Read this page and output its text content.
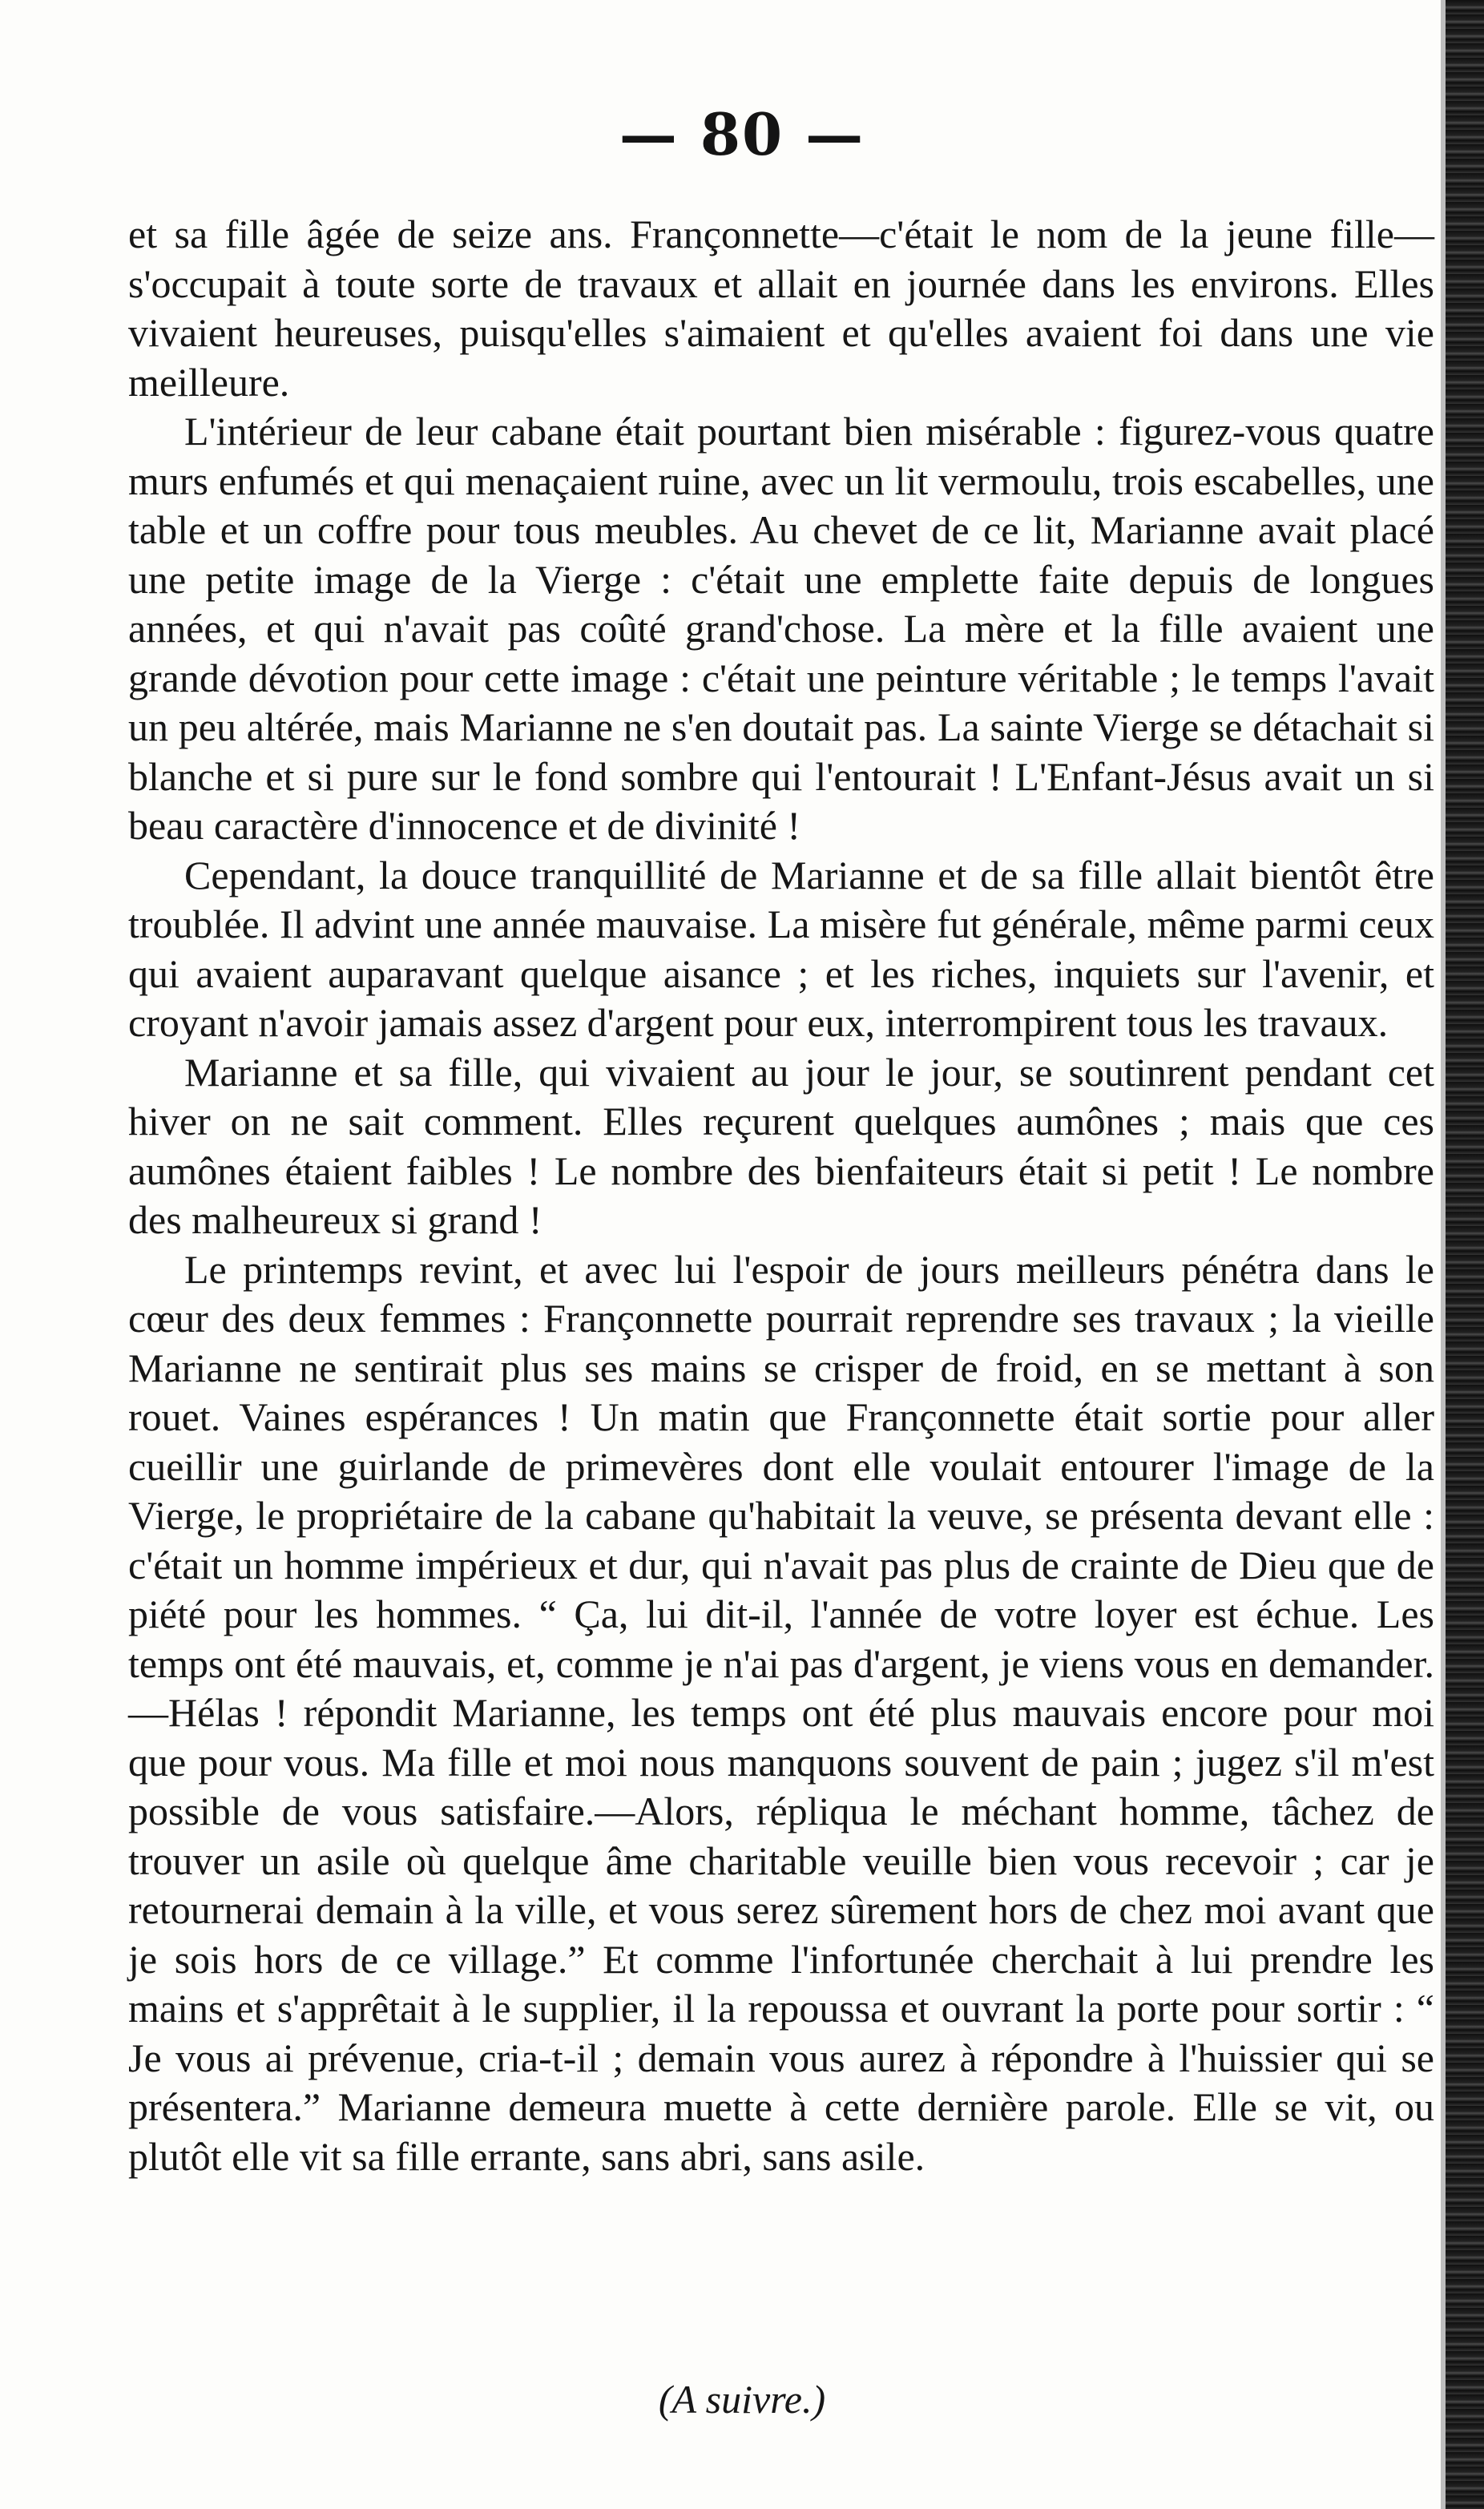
— 80 —

et sa fille âgée de seize ans. Françonnette—c'était le nom de la jeune fille—s'occupait à toute sorte de travaux et allait en journée dans les environs. Elles vivaient heureuses, puisqu'elles s'aimaient et qu'elles avaient foi dans une vie meilleure.

L'intérieur de leur cabane était pourtant bien misérable : figurez-vous quatre murs enfumés et qui menaçaient ruine, avec un lit vermoulu, trois escabelles, une table et un coffre pour tous meubles. Au chevet de ce lit, Marianne avait placé une petite image de la Vierge : c'était une emplette faite depuis de longues années, et qui n'avait pas coûté grand'chose. La mère et la fille avaient une grande dévotion pour cette image : c'était une peinture véritable ; le temps l'avait un peu altérée, mais Marianne ne s'en doutait pas. La sainte Vierge se détachait si blanche et si pure sur le fond sombre qui l'entourait ! L'Enfant-Jésus avait un si beau caractère d'innocence et de divinité !

Cependant, la douce tranquillité de Marianne et de sa fille allait bientôt être troublée. Il advint une année mauvaise. La misère fut générale, même parmi ceux qui avaient auparavant quelque aisance ; et les riches, inquiets sur l'avenir, et croyant n'avoir jamais assez d'argent pour eux, interrompirent tous les travaux.

Marianne et sa fille, qui vivaient au jour le jour, se soutinrent pendant cet hiver on ne sait comment. Elles reçurent quelques aumônes ; mais que ces aumônes étaient faibles ! Le nombre des bienfaiteurs était si petit ! Le nombre des malheureux si grand !

Le printemps revint, et avec lui l'espoir de jours meilleurs pénétra dans le cœur des deux femmes : Françonnette pourrait reprendre ses travaux ; la vieille Marianne ne sentirait plus ses mains se crisper de froid, en se mettant à son rouet. Vaines espérances ! Un matin que Françonnette était sortie pour aller cueillir une guirlande de primevères dont elle voulait entourer l'image de la Vierge, le propriétaire de la cabane qu'habitait la veuve, se présenta devant elle : c'était un homme impérieux et dur, qui n'avait pas plus de crainte de Dieu que de piété pour les hommes. “ Ça, lui dit-il, l'année de votre loyer est échue. Les temps ont été mauvais, et, comme je n'ai pas d'argent, je viens vous en demander.—Hélas ! répondit Marianne, les temps ont été plus mauvais encore pour moi que pour vous. Ma fille et moi nous manquons souvent de pain ; jugez s'il m'est possible de vous satisfaire.—Alors, répliqua le méchant homme, tâchez de trouver un asile où quelque âme charitable veuille bien vous recevoir ; car je retournerai demain à la ville, et vous serez sûrement hors de chez moi avant que je sois hors de ce village.” Et comme l'infortunée cherchait à lui prendre les mains et s'apprêtait à le supplier, il la repoussa et ouvrant la porte pour sortir : “ Je vous ai prévenue, cria-t-il ; demain vous aurez à répondre à l'huissier qui se présentera.” Marianne demeura muette à cette dernière parole. Elle se vit, ou plutôt elle vit sa fille errante, sans abri, sans asile.

(A suivre.)
